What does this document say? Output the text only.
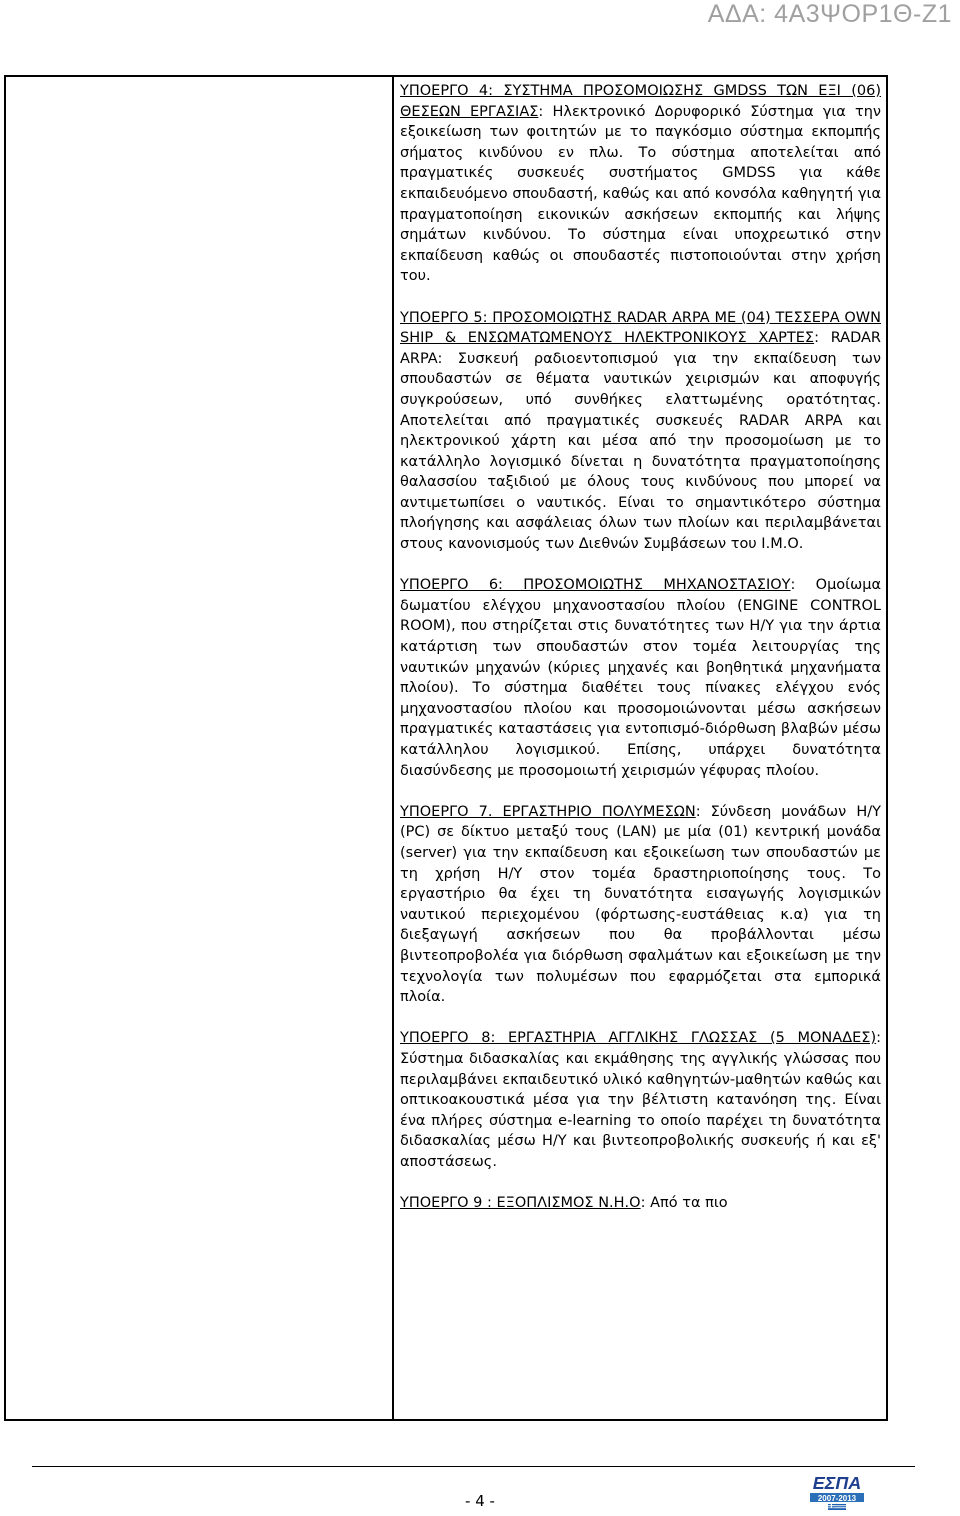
ΑΔΑ: 4Α3ΨΟΡ1Θ-Ζ1
ΥΠΟΕΡΓΟ 4: ΣΥΣΤΗΜΑ ΠΡΟΣΟΜΟΙΩΣΗΣ GMDSS ΤΩΝ ΕΞΙ (06) ΘΕΣΕΩΝ ΕΡΓΑΣΙΑΣ: Ηλεκτρονικό Δορυφορικό Σύστημα για την εξοικείωση των φοιτητών με το παγκόσμιο σύστημα εκπομπής σήματος κινδύνου εν πλω. Το σύστημα αποτελείται από πραγματικές συσκευές συστήματος GMDSS για κάθε εκπαιδευόμενο σπουδαστή, καθώς και από κονσόλα καθηγητή για πραγματοποίηση εικονικών ασκήσεων εκπομπής και λήψης σημάτων κινδύνου. Το σύστημα είναι υποχρεωτικό στην εκπαίδευση καθώς οι σπουδαστές πιστοποιούνται στην χρήση του.
ΥΠΟΕΡΓΟ 5: ΠΡΟΣΟΜΟΙΩΤΗΣ RADAR ARPA ΜΕ (04) ΤΕΣΣΕΡΑ OWN SHIP & ΕΝΣΩΜΑΤΩΜΕΝΟΥΣ ΗΛΕΚΤΡΟΝΙΚΟΥΣ ΧΑΡΤΕΣ: RADAR ARPA: Συσκευή ραδιοεντοπισμού για την εκπαίδευση των σπουδαστών σε θέματα ναυτικών χειρισμών και αποφυγής συγκρούσεων, υπό συνθήκες ελαττωμένης ορατότητας. Αποτελείται από πραγματικές συσκευές RADAR ARPA και ηλεκτρονικού χάρτη και μέσα από την προσομοίωση με το κατάλληλο λογισμικό δίνεται η δυνατότητα πραγματοποίησης θαλασσίου ταξιδιού με όλους τους κινδύνους που μπορεί να αντιμετωπίσει ο ναυτικός. Είναι το σημαντικότερο σύστημα πλοήγησης και ασφάλειας όλων των πλοίων και περιλαμβάνεται στους κανονισμούς των Διεθνών Συμβάσεων του Ι.Μ.Ο.
ΥΠΟΕΡΓΟ 6: ΠΡΟΣΟΜΟΙΩΤΗΣ ΜΗΧΑΝΟΣΤΑΣΙΟΥ: Ομοίωμα δωματίου ελέγχου μηχανοστασίου πλοίου (ENGINE CONTROL ROOM), που στηρίζεται στις δυνατότητες των Η/Υ για την άρτια κατάρτιση των σπουδαστών στον τομέα λειτουργίας της ναυτικών μηχανών (κύριες μηχανές και βοηθητικά μηχανήματα πλοίου). Το σύστημα διαθέτει τους πίνακες ελέγχου ενός μηχανοστασίου πλοίου και προσομοιώνονται μέσω ασκήσεων πραγματικές καταστάσεις για εντοπισμό-διόρθωση βλαβών μέσω κατάλληλου λογισμικού. Επίσης, υπάρχει δυνατότητα διασύνδεσης με προσομοιωτή χειρισμών γέφυρας πλοίου.
ΥΠΟΕΡΓΟ 7. ΕΡΓΑΣΤΗΡΙΟ ΠΟΛΥΜΕΣΩΝ: Σύνδεση μονάδων Η/Υ (PC) σε δίκτυο μεταξύ τους (LAN) με μία (01) κεντρική μονάδα (server) για την εκπαίδευση και εξοικείωση των σπουδαστών με τη χρήση Η/Υ στον τομέα δραστηριοποίησης τους. Το εργαστήριο θα έχει τη δυνατότητα εισαγωγής λογισμικών ναυτικού περιεχομένου (φόρτωσης-ευστάθειας κ.α) για τη διεξαγωγή ασκήσεων που θα προβάλλονται μέσω βιντεοπροβολέα για διόρθωση σφαλμάτων και εξοικείωση με την τεχνολογία των πολυμέσων που εφαρμόζεται στα εμπορικά πλοία.
ΥΠΟΕΡΓΟ 8: ΕΡΓΑΣΤΗΡΙΑ ΑΓΓΛΙΚΗΣ ΓΛΩΣΣΑΣ (5 ΜΟΝΑΔΕΣ): Σύστημα διδασκαλίας και εκμάθησης της αγγλικής γλώσσας που περιλαμβάνει εκπαιδευτικό υλικό καθηγητών-μαθητών καθώς και οπτικοακουστικά μέσα για την βέλτιστη κατανόηση της. Είναι ένα πλήρες σύστημα e-learning το οποίο παρέχει τη δυνατότητα διδασκαλίας μέσω Η/Υ και βιντεοπροβολικής συσκευής ή και εξ' αποστάσεως.
ΥΠΟΕΡΓΟ 9 : ΕΞΟΠΛΙΣΜΟΣ Ν.Η.Ο: Από τα πιο
- 4 -
ΕΣΠΑ
2007-2013
